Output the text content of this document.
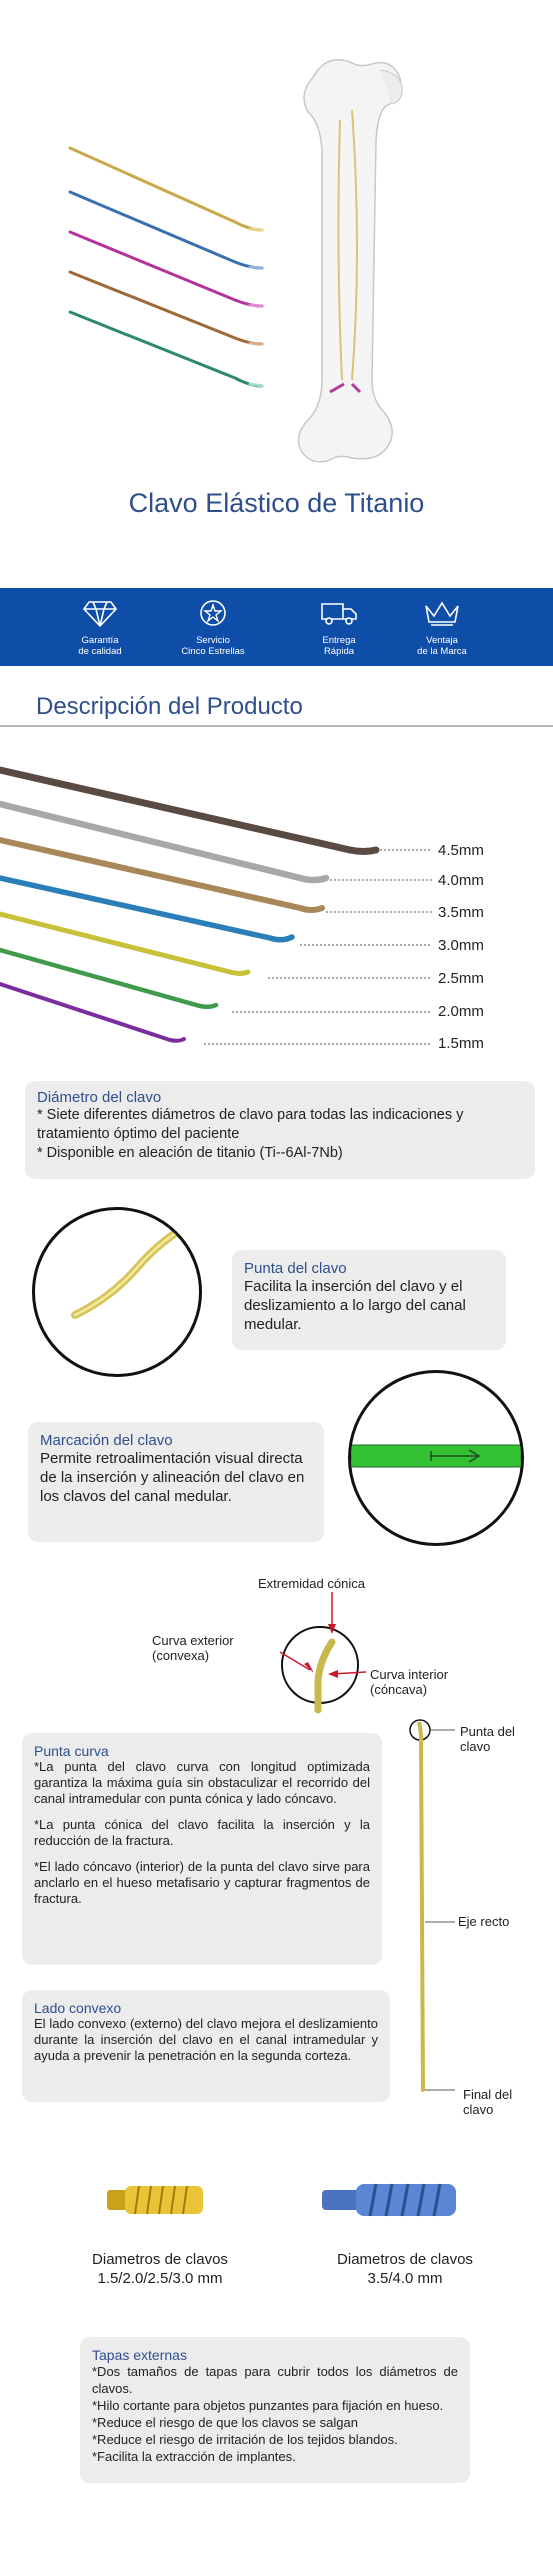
Clavo Elástico de Titanio
Garantía
de calidad
Servicio
Cinco Estrellas
Entrega
Rápida
Ventaja
de la Marca
Descripción del Producto
4.5mm
4.0mm
3.5mm
3.0mm
2.5mm
2.0mm
1.5mm
Diámetro del clavo
* Siete diferentes diámetros de clavo para todas las indicaciones y
tratamiento óptimo del paciente
* Disponible en aleación de titanio (Ti--6Al-7Nb)
Punta del clavo
Facilita la inserción del clavo y el deslizamiento a lo largo del canal medular.
Marcación del clavo
Permite retroalimentación visual directa de la inserción y alineación del clavo en los clavos del canal medular.
Extremidad cónica
Curva exterior
(convexa)
Curva interior
(cóncava)
Punta curva
*La punta del clavo curva con longitud optimizada garantiza la máxima guía sin obstaculizar el recorrido del canal intramedular con punta cónica y lado cóncavo.
*La punta cónica del clavo facilita la inserción y la reducción de la fractura.
*El lado cóncavo (interior) de la punta del clavo sirve para anclarlo en el hueso metafisario y capturar fragmentos de fractura.
Punta del
clavo
Eje recto
Final del
clavo
Lado convexo
El lado convexo (externo) del clavo mejora el deslizamiento durante la inserción del clavo en el canal intramedular y ayuda a prevenir la penetración en la segunda corteza.
Diametros de clavos
1.5/2.0/2.5/3.0 mm
Diametros de clavos
3.5/4.0 mm
Tapas externas
*Dos tamaños de tapas para cubrir todos los diámetros de clavos.
*Hilo cortante para objetos punzantes para fijación en hueso.
*Reduce el riesgo de que los clavos se salgan
*Reduce el riesgo de irritación de los tejidos blandos.
*Facilita la extracción de implantes.
